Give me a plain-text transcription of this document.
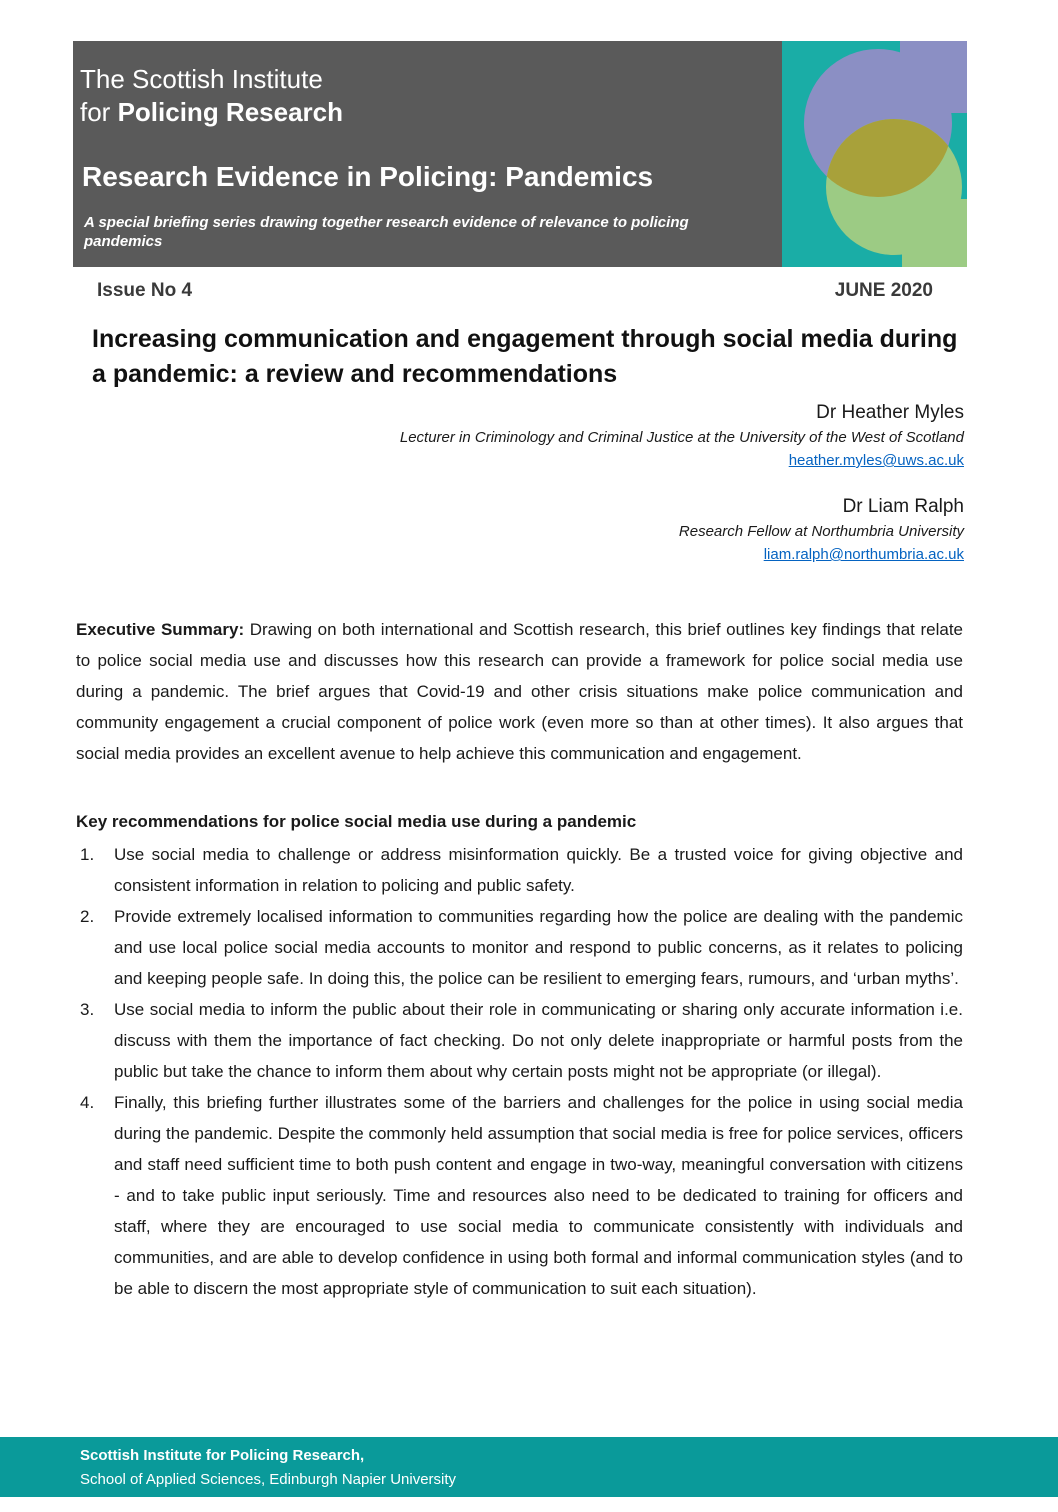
The Scottish Institute
for Policing Research
Research Evidence in Policing: Pandemics
A special briefing series drawing together research evidence of relevance to policing pandemics
Issue No 4	JUNE 2020
Increasing communication and engagement through social media during a pandemic: a review and recommendations
Dr Heather Myles
Lecturer in Criminology and Criminal Justice at the University of the West of Scotland
heather.myles@uws.ac.uk
Dr Liam Ralph
Research Fellow at Northumbria University
liam.ralph@northumbria.ac.uk

Executive Summary: Drawing on both international and Scottish research, this brief outlines key findings that relate to police social media use and discusses how this research can provide a framework for police social media use during a pandemic. The brief argues that Covid-19 and other crisis situations make police communication and community engagement a crucial component of police work (even more so than at other times). It also argues that social media provides an excellent avenue to help achieve this communication and engagement.

Key recommendations for police social media use during a pandemic
1. Use social media to challenge or address misinformation quickly. Be a trusted voice for giving objective and consistent information in relation to policing and public safety.
2. Provide extremely localised information to communities regarding how the police are dealing with the pandemic and use local police social media accounts to monitor and respond to public concerns, as it relates to policing and keeping people safe. In doing this, the police can be resilient to emerging fears, rumours, and ‘urban myths’.
3. Use social media to inform the public about their role in communicating or sharing only accurate information i.e. discuss with them the importance of fact checking. Do not only delete inappropriate or harmful posts from the public but take the chance to inform them about why certain posts might not be appropriate (or illegal).
4. Finally, this briefing further illustrates some of the barriers and challenges for the police in using social media during the pandemic. Despite the commonly held assumption that social media is free for police services, officers and staff need sufficient time to both push content and engage in two-way, meaningful conversation with citizens - and to take public input seriously. Time and resources also need to be dedicated to training for officers and staff, where they are encouraged to use social media to communicate consistently with individuals and communities, and are able to develop confidence in using both formal and informal communication styles (and to be able to discern the most appropriate style of communication to suit each situation).
Scottish Institute for Policing Research,
School of Applied Sciences, Edinburgh Napier University
Sighthill Campus, Edinburgh EH11 4BN	www.sipr.ac.uk	1
